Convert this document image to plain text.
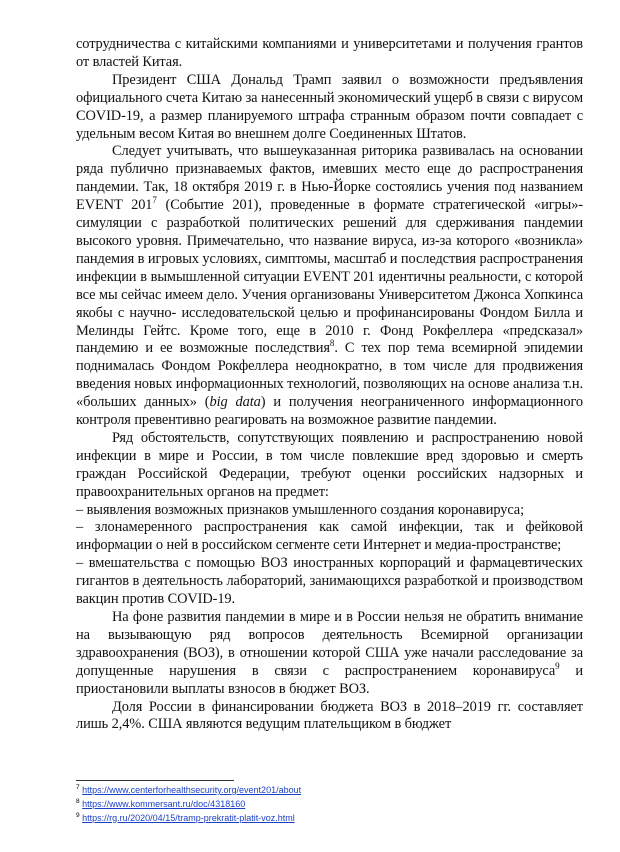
сотрудничества с китайскими компаниями и университетами и получения грантов от властей Китая.

Президент США Дональд Трамп заявил о возможности предъявления официального счета Китаю за нанесенный экономический ущерб в связи с вирусом COVID-19, а размер планируемого штрафа странным образом почти совпадает с удельным весом Китая во внешнем долге Соединенных Штатов.

Следует учитывать, что вышеуказанная риторика развивалась на основании ряда публично признаваемых фактов, имевших место еще до распространения пандемии. Так, 18 октября 2019 г. в Нью-Йорке состоялись учения под названием EVENT $201^7$ (Событие 201), проведенные в формате стратегической «игры»-симуляции с разработкой политических решений для сдерживания пандемии высокого уровня. Примечательно, что название вируса, из-за которого «возникла» пандемия в игровых условиях, симптомы, масштаб и последствия распространения инфекции в вымышленной ситуации EVENT 201 идентичны реальности, с которой все мы сейчас имеем дело. Учения организованы Университетом Джонса Хопкинса якобы с научно- исследовательской целью и профинансированы Фондом Билла и Мелинды Гейтс. Кроме того, еще в 2010 г. Фонд Рокфеллера «предсказал» пандемию и ее возможные последствия$^8$. С тех пор тема всемирной эпидемии поднималась Фондом Рокфеллера неоднократно, в том числе для продвижения введения новых информационных технологий, позволяющих на основе анализа т.н. «больших данных» (big data) и получения неограниченного информационного контроля превентивно реагировать на возможное развитие пандемии.

Ряд обстоятельств, сопутствующих появлению и распространению новой инфекции в мире и России, в том числе повлекшие вред здоровью и смерть граждан Российской Федерации, требуют оценки российских надзорных и правоохранительных органов на предмет:

– выявления возможных признаков умышленного создания коронавируса;

– злонамеренного распространения как самой инфекции, так и фейковой информации о ней в российском сегменте сети Интернет и медиа-пространстве;

– вмешательства с помощью ВОЗ иностранных корпораций и фармацевтических гигантов в деятельность лабораторий, занимающихся разработкой и производством вакцин против COVID-19.

На фоне развития пандемии в мире и в России нельзя не обратить внимание на вызывающую ряд вопросов деятельность Всемирной организации здравоохранения (ВОЗ), в отношении которой США уже начали расследование за допущенные нарушения в связи с распространением коронавируса$^9$ и приостановили выплаты взносов в бюджет ВОЗ.

Доля России в финансировании бюджета ВОЗ в 2018–2019 гг. составляет лишь 2,4%. США являются ведущим плательщиком в бюджет

$^7$ https://www.centerforhealthsecurity.org/event201/about
$^8$ https://www.kommersant.ru/doc/4318160
$^9$ https://rg.ru/2020/04/15/tramp-prekratit-platit-voz.html
